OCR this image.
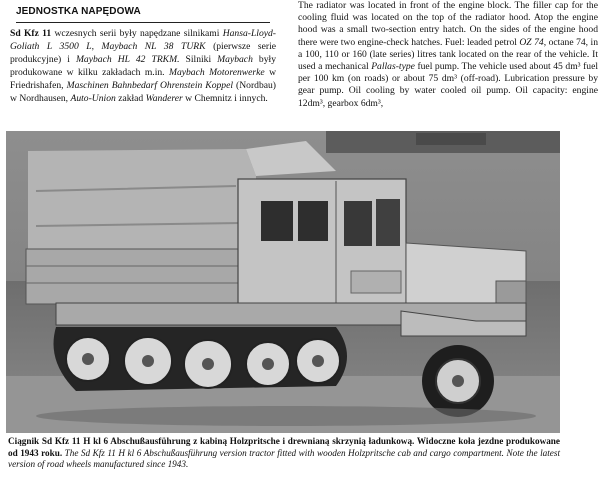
JEDNOSTKA NAPĘDOWA

Sd Kfz 11 wczesnych serii były napędzane silnikami Hansa-Lloyd-Goliath L 3500 L, Maybach NL 38 TURK (pierwsze serie produkcyjne) i Maybach HL 42 TRKM. Silniki Maybach były produkowane w kilku zakładach m.in. Maybach Motorenwerke w Friedrishafen, Maschinen Bahnbedarf Ohrenstein Koppel (Nordbau) w Nordhausen, Auto-Union zakład Wanderer w Chemnitz i innych.

The radiator was located in front of the engine block. The filler cap for the cooling fluid was located on the top of the radiator hood. Atop the engine hood was a small two-section entry hatch. On the sides of the engine hood there were two engine-check hatches. Fuel: leaded petrol OZ 74, octane 74, in a 100, 110 or 160 (late series) litres tank located on the rear of the vehicle. It used a mechanical Pallas-type fuel pump. The vehicle used about 45 dm³ fuel per 100 km (on roads) or about 75 dm³ (off-road). Lubrication pressure by gear pump. Oil cooling by water cooled oil pump. Oil capacity: engine 12dm³, gearbox 6dm³,

Ciągnik Sd Kfz 11 H kl 6 Abschußausführung z kabiną Holzpritsche i drewnianą skrzynią ładunkową. Widoczne koła jezdne produkowane od 1943 roku. The Sd Kfz 11 H kl 6 Abschußausführung version tractor fitted with wooden Holzpritsche cab and cargo compartment. Note the latest version of road wheels manufactured since 1943.
